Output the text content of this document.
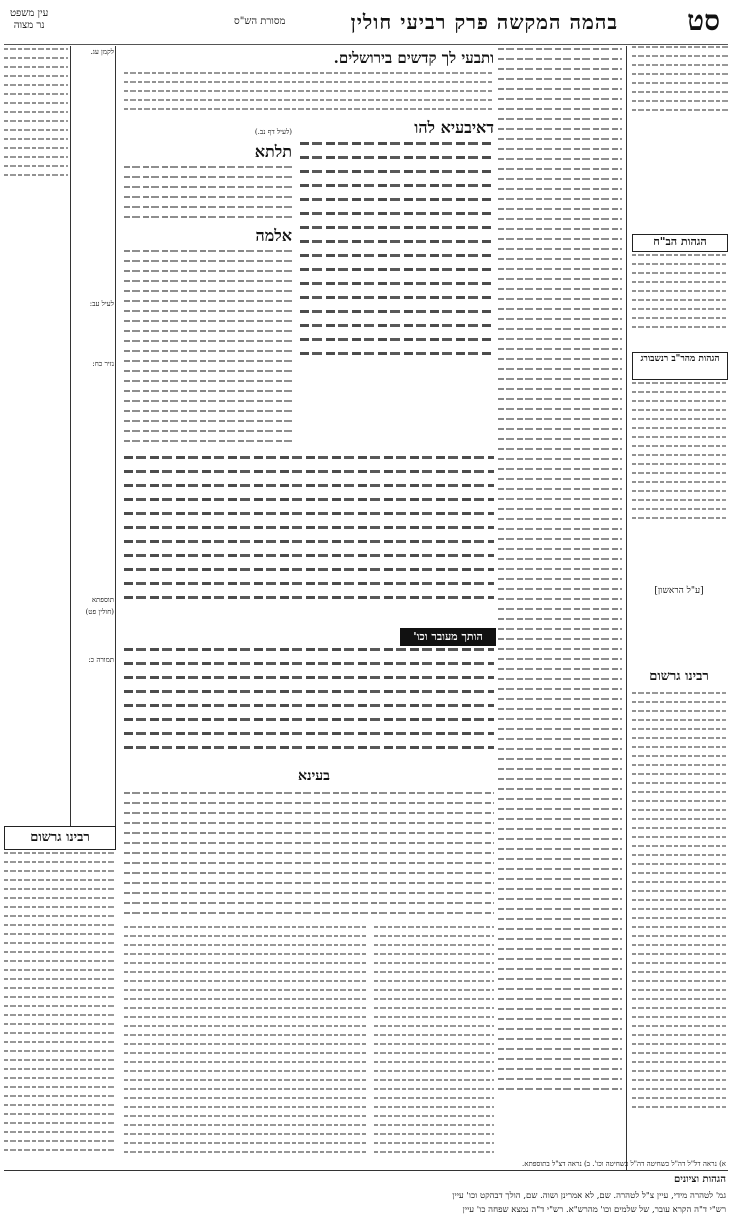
סט
בהמה המקשה פרק רביעי חולין
עין משפט
נר מצוה	מסורת הש"ס
הגהות הב"ח
הגהות מהר"ב רנשבורג
[ע"ל הראשון]
רבינו גרשום
ותבעי לך קדשים בירושלים.
דאיבעיא להו
תלתא
אלמה
הותך מעובר וכו'
בעינא
לקמן עג.
לעיל עב:
נזיר כח:
תוספתא
(חולין פט)
תמורה כ:
(לעיל דף נב.)
רבינו גרשום
א) נראה דל"ל דה"ל כשחיטה דה"ל כשחיטה וכו'. ב) נראה דצ"ל בתוספתא.
הגהות וציונים
גמ' לטהרה מידי, עיין צ"ל לטהרה. שם, לא אמרינן ושוה. שם, הולך דבהקט וכו' עיין
רש"י ד"ה הקרא עובר, של שלמים וכו' מהרש"א. רש"י ד"ה נמצא שפחה כו' עיין
